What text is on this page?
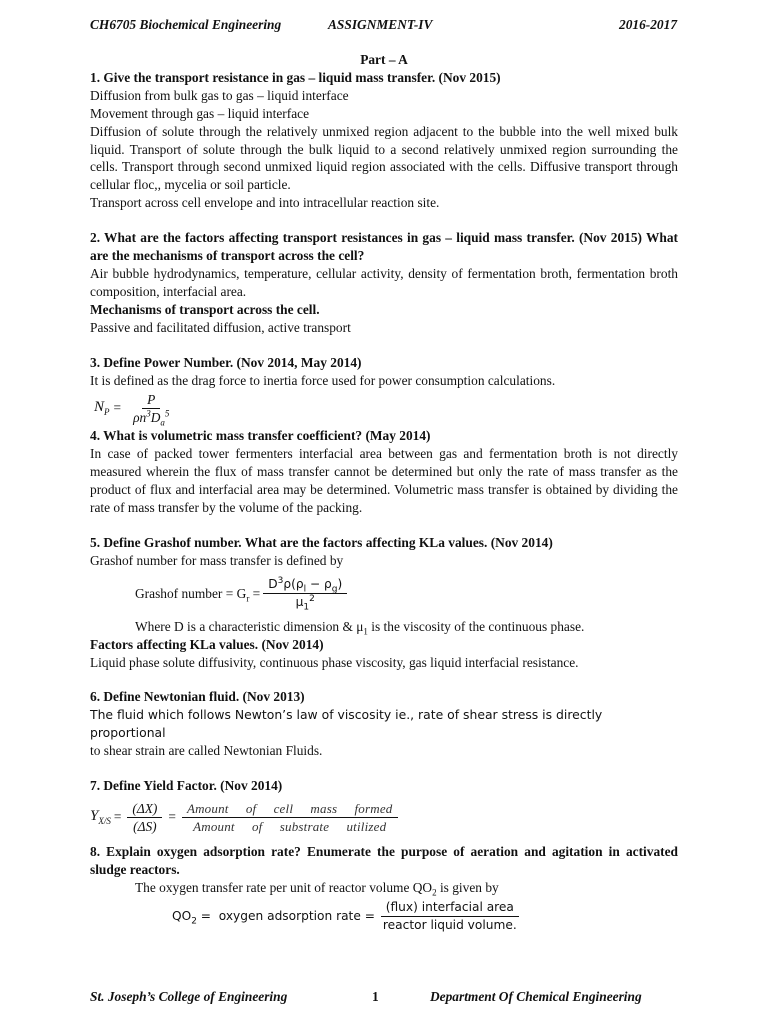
CH6705 Biochemical Engineering	ASSIGNMENT-IV	2016-2017

Part – A

1. Give the transport resistance in gas – liquid mass transfer. (Nov 2015)

Diffusion from bulk gas to gas – liquid interface

Movement through gas – liquid interface

Diffusion of solute through the relatively unmixed region adjacent to the bubble into the well mixed bulk liquid. Transport of solute through the bulk liquid to a second relatively unmixed region surrounding the cells. Transport through second unmixed liquid region associated with the cells. Diffusive transport through cellular floc,, mycelia or soil particle.

Transport across cell envelope and into intracellular reaction site.

2. What are the factors affecting transport resistances in gas – liquid mass transfer. (Nov 2015) What are the mechanisms of transport across the cell?

Air bubble hydrodynamics, temperature, cellular activity, density of fermentation broth, fermentation broth composition, interfacial area.

Mechanisms of transport across the cell.

Passive and facilitated diffusion, active transport

3. Define Power Number. (Nov 2014, May 2014)

It is defined as the drag force to inertia force used for power consumption calculations.

$N_P = \frac{P}{\rho n^3D_a^5}$

4. What is volumetric mass transfer coefficient? (May 2014)

In case of packed tower fermenters interfacial area between gas and fermentation broth is not directly measured wherein the flux of mass transfer cannot be determined but only the rate of mass transfer as the product of flux and interfacial area may be determined. Volumetric mass transfer is obtained by dividing the rate of mass transfer by the volume of the packing.

5. Define Grashof number. What are the factors affecting KLa values. (Nov 2014)

Grashof number for mass transfer is defined by

Grashof number = $G_r = \frac{D^3\rho(\rho_l - \rho_g)}{\mu_1^2}$

Where D is a characteristic dimension & $\mu_1$ is the viscosity of the continuous phase.

Factors affecting KLa values. (Nov 2014)

Liquid phase solute diffusivity, continuous phase viscosity, gas liquid interfacial resistance.

6. Define Newtonian fluid. (Nov 2013)

The fluid which follows Newton’s law of viscosity ie., rate of shear stress is directly proportional

to shear strain are called Newtonian Fluids.

7. Define Yield Factor. (Nov 2014)

$Y_{X/S} = \frac{(\Delta X)}{(\Delta S)} = \frac{\text{Amount     of     cell     mass     formed}}{\text{Amount     of     substrate     utilized}}$

8. Explain oxygen adsorption rate? Enumerate the purpose of aeration and agitation in activated sludge reactors.

The oxygen transfer rate per unit of reactor volume $QO_2$ is given by

$QO_2$ =  oxygen adsorption rate = $\frac{\text{(flux) interfacial area}}{\text{reactor liquid volume.}}$
St. Joseph’s College of Engineering	1	Department Of Chemical Engineering
